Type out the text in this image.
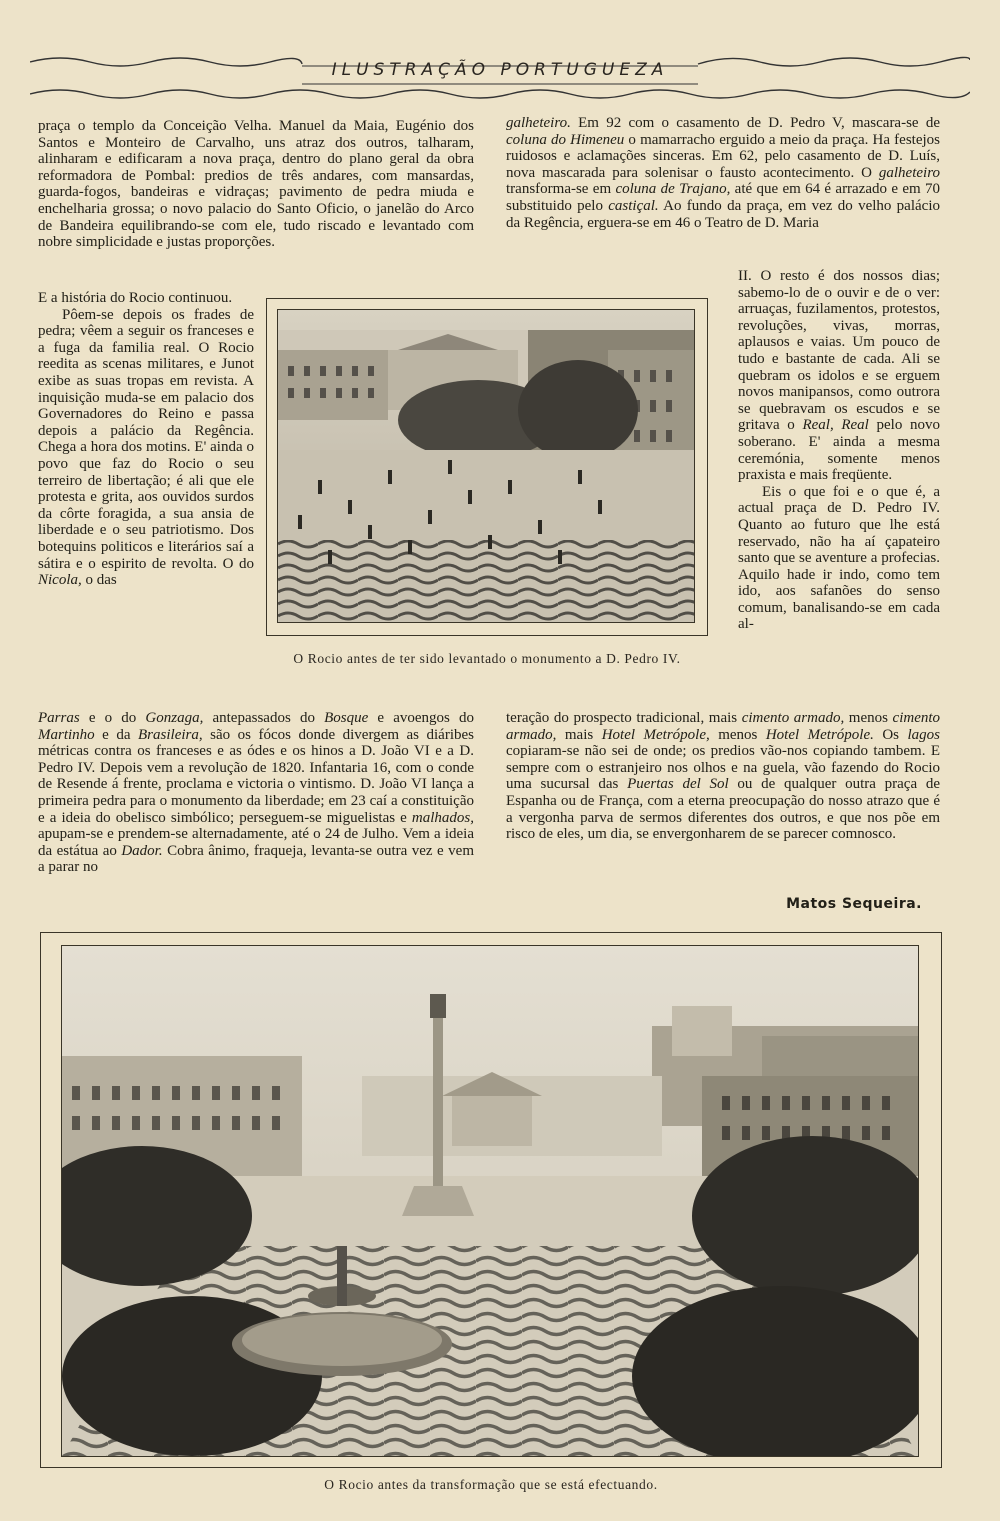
ILUSTRAÇÃO PORTUGUEZA

praça o templo da Conceição Velha. Manuel da Maia, Eugénio dos Santos e Monteiro de Carvalho, uns atraz dos outros, talharam, alinharam e edificaram a nova praça, dentro do plano geral da obra reformadora de Pombal: predios de três andares, com mansardas, guarda-fogos, bandeiras e vidraças; pavimento de pedra miuda e enchelharia grossa; o novo palacio do Santo Oficio, o janelão do Arco de Bandeira equilibrando-se com ele, tudo riscado e levantado com nobre simplicidade e justas proporções.

E a história do Rocio continuou.

Pôem-se depois os frades de pedra; vêem a seguir os franceses e a fuga da familia real. O Rocio reedita as scenas militares, e Junot exibe as suas tropas em revista. A inquisição muda-se em palacio dos Governadores do Reino e passa depois a palácio da Regência. Chega a hora dos motins. E' ainda o povo que faz do Rocio o seu terreiro de libertação; é ali que ele protesta e grita, aos ouvidos surdos da côrte foragida, a sua ansia de liberdade e o seu patriotismo. Dos botequins politicos e literários saí a sátira e o espirito de revolta. O do Nicola, o das

O Rocio antes de ter sido levantado o monumento a D. Pedro IV.

galheteiro. Em 92 com o casamento de D. Pedro V, mascara-se de coluna do Himeneu o mamarracho erguido a meio da praça. Ha festejos ruidosos e aclamações sinceras. Em 62, pelo casamento de D. Luís, nova mascarada para solenisar o fausto acontecimento. O galheteiro transforma-se em coluna de Trajano, até que em 64 é arrazado e em 70 substituido pelo castiçal. Ao fundo da praça, em vez do velho palácio da Regência, erguera-se em 46 o Teatro de D. Maria

II. O resto é dos nossos dias; sabemo-lo de o ouvir e de o ver: arruaças, fuzilamentos, protestos, revoluções, vivas, morras, aplausos e vaias. Um pouco de tudo e bastante de cada. Ali se quebram os idolos e se erguem novos manipansos, como outrora se quebravam os escudos e se gritava o Real, Real pelo novo soberano. E' ainda a mesma ceremónia, somente menos praxista e mais freqüente.

Eis o que foi e o que é, a actual praça de D. Pedro IV. Quanto ao futuro que lhe está reservado, não ha aí çapateiro santo que se aventure a profecias. Aquilo hade ir indo, como tem ido, aos safanões do senso comum, banalisando-se em cada al-

Parras e o do Gonzaga, antepassados do Bosque e avoengos do Martinho e da Brasileira, são os fócos donde divergem as diáribes métricas contra os franceses e as ódes e os hinos a D. João VI e a D. Pedro IV. Depois vem a revolução de 1820. Infantaria 16, com o conde de Resende á frente, proclama e victoria o vintismo. D. João VI lança a primeira pedra para o monumento da liberdade; em 23 caí a constituição e a ideia do obelisco simbólico; perseguem-se miguelistas e malhados, apupam-se e prendem-se alternadamente, até o 24 de Julho. Vem a ideia da estátua ao Dador. Cobra ânimo, fraqueja, levanta-se outra vez e vem a parar no

teração do prospecto tradicional, mais cimento armado, menos cimento armado, mais Hotel Metrópole, menos Hotel Metrópole. Os lagos copiaram-se não sei de onde; os predios vão-nos copiando tambem. E sempre com o estranjeiro nos olhos e na guela, vão fazendo do Rocio uma sucursal das Puertas del Sol ou de qualquer outra praça de Espanha ou de França, com a eterna preocupação do nosso atrazo que é a vergonha parva de sermos diferentes dos outros, e que nos põe em risco de eles, um dia, se envergonharem de se parecer comnosco.

Matos Sequeira.
O Rocio antes da transformação que se está efectuando.
